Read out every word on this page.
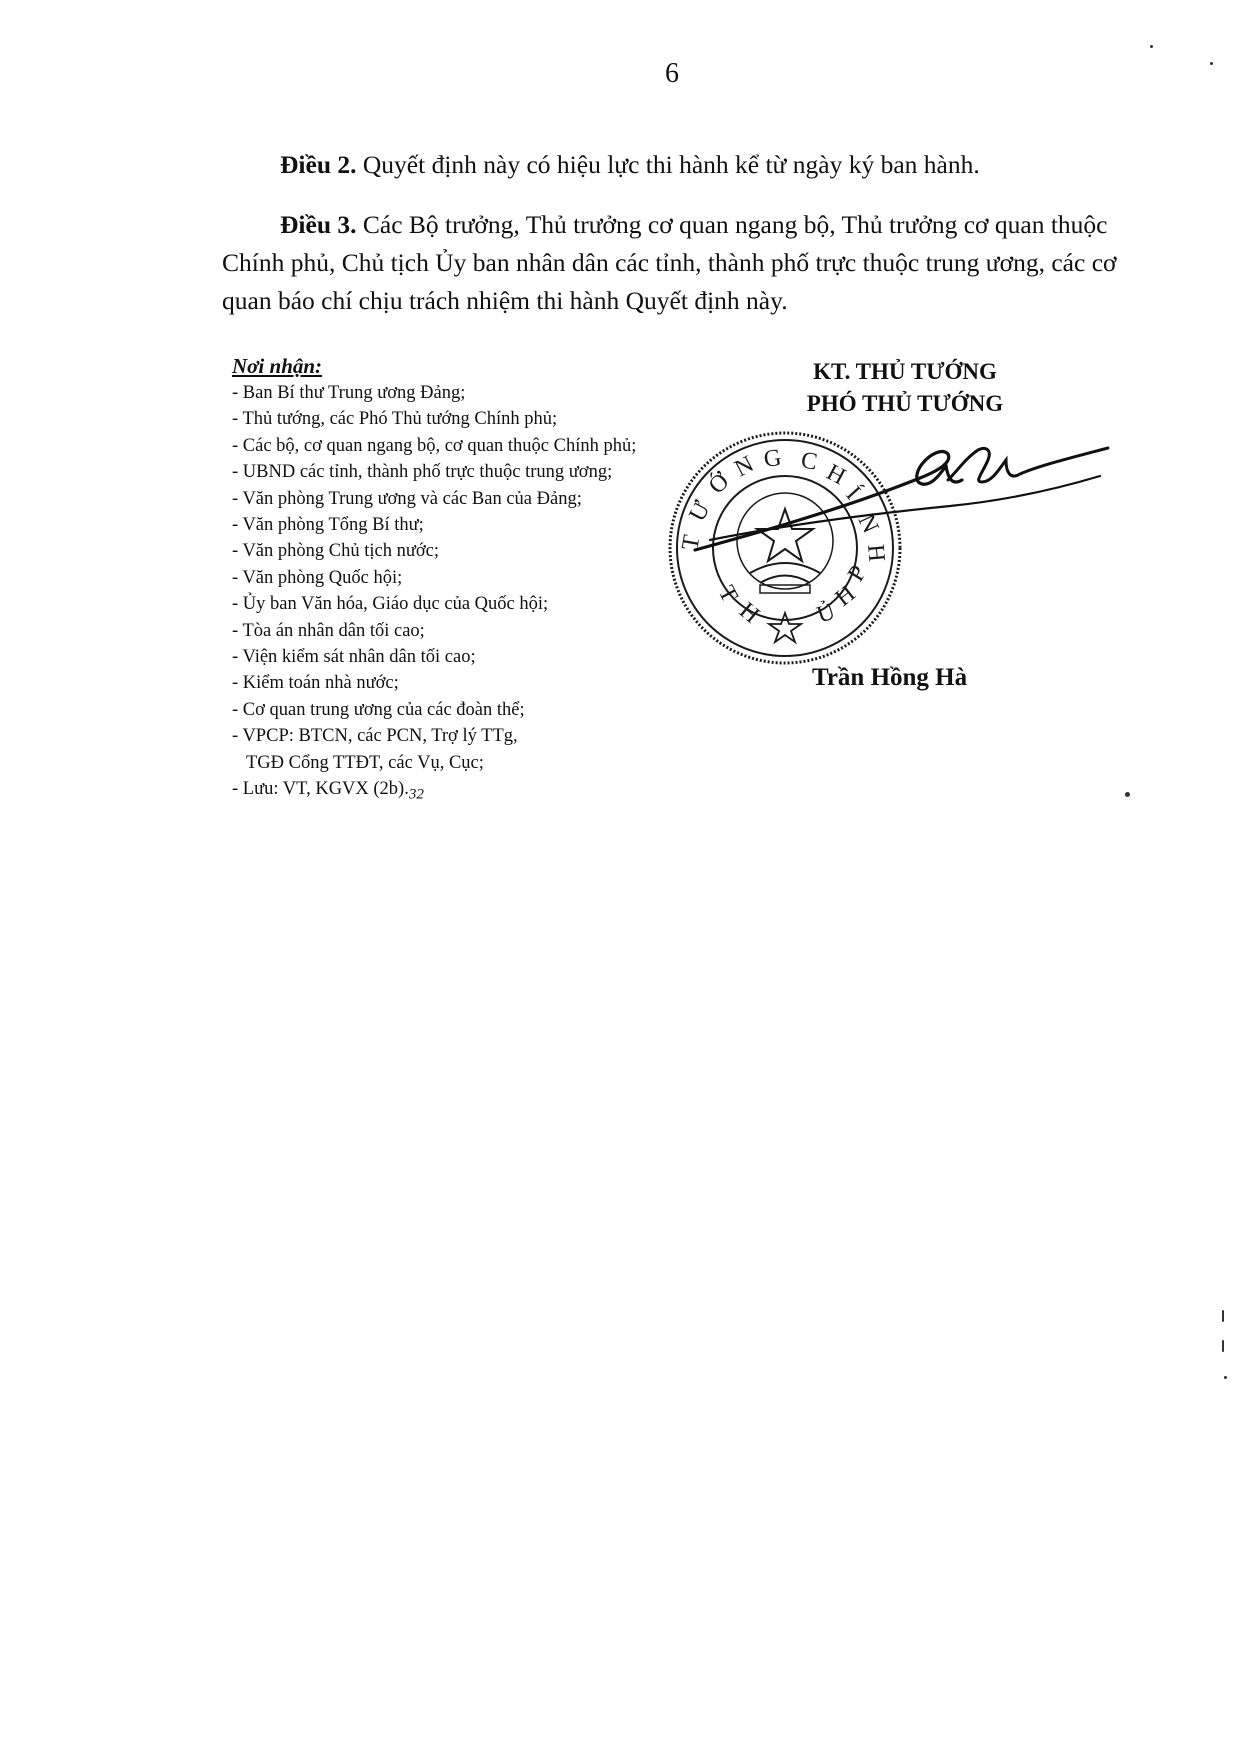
6

Điều 2. Quyết định này có hiệu lực thi hành kể từ ngày ký ban hành.

Điều 3. Các Bộ trưởng, Thủ trưởng cơ quan ngang bộ, Thủ trưởng cơ quan thuộc Chính phủ, Chủ tịch Ủy ban nhân dân các tỉnh, thành phố trực thuộc trung ương, các cơ quan báo chí chịu trách nhiệm thi hành Quyết định này.

Nơi nhận:
- Ban Bí thư Trung ương Đảng;
- Thủ tướng, các Phó Thủ tướng Chính phủ;
- Các bộ, cơ quan ngang bộ, cơ quan thuộc Chính phủ;
- UBND các tỉnh, thành phố trực thuộc trung ương;
- Văn phòng Trung ương và các Ban của Đảng;
- Văn phòng Tổng Bí thư;
- Văn phòng Chủ tịch nước;
- Văn phòng Quốc hội;
- Ủy ban Văn hóa, Giáo dục của Quốc hội;
- Tòa án nhân dân tối cao;
- Viện kiểm sát nhân dân tối cao;
- Kiểm toán nhà nước;
- Cơ quan trung ương của các đoàn thể;
- VPCP: BTCN, các PCN, Trợ lý TTg,
TGĐ Cổng TTĐT, các Vụ, Cục;
- Lưu: VT, KGVX $(2b)._{32}$
KT. THỦ TƯỚNG
PHÓ THỦ TƯỚNG
T
Ư
Ớ
N G C H
Í
N
H
P
H
Ủ
H
T
Trần Hồng Hà
